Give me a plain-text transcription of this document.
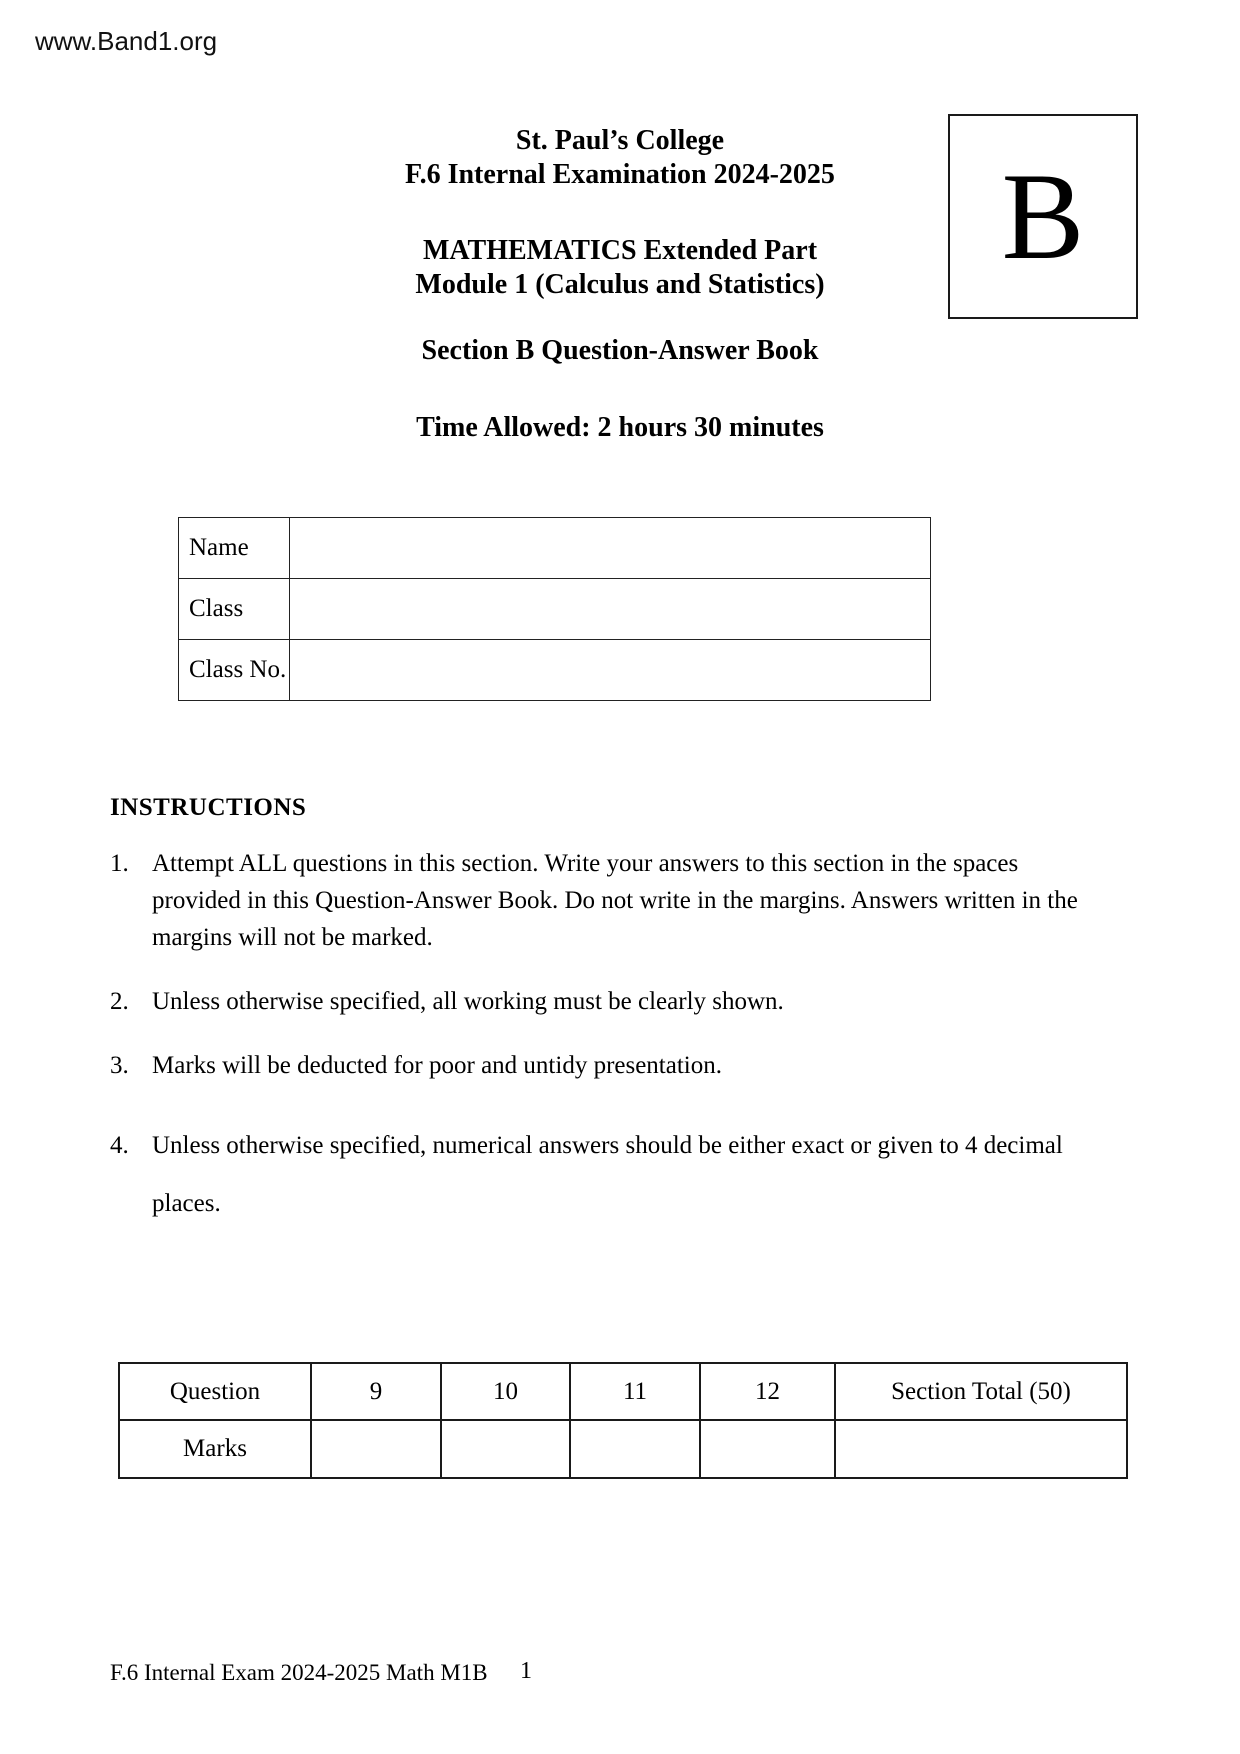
www.Band1.org
St. Paul’s College
F.6 Internal Examination 2024-2025
MATHEMATICS Extended Part
Module 1 (Calculus and Statistics)
Section B Question-Answer Book
Time Allowed: 2 hours 30 minutes
B
Name	
Class	
Class No.	
INSTRUCTIONS
1. Attempt ALL questions in this section. Write your answers to this section in the spaces
provided in this Question-Answer Book. Do not write in the margins. Answers written in the
margins will not be marked.
2. Unless otherwise specified, all working must be clearly shown.
3. Marks will be deducted for poor and untidy presentation.
4. Unless otherwise specified, numerical answers should be either exact or given to 4 decimal
places.
Question	9	10	11	12	Section Total (50)
Marks					
F.6 Internal Exam 2024-2025 Math M1B 1
